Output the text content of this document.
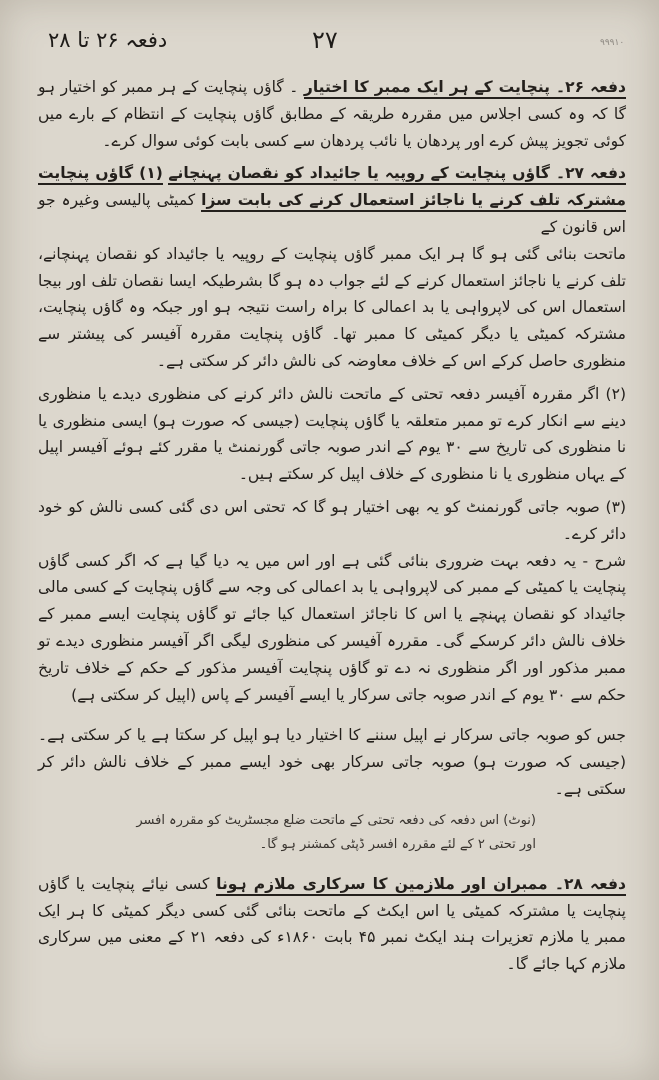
دفعہ ۲۶ تا ۲۸	۲۷	۹۹۹۱۰

دفعہ ۲۶۔ پنچایت کے ہر ایک ممبر کا اختیار ۔ گاؤں پنچایت کے ہر ممبر کو اختیار ہو گا کہ وہ کسی اجلاس میں مقررہ طریقہ کے مطابق گاؤں پنچایت کے انتظام کے بارے میں کوئی تجویز پیش کرے اور پردھان یا نائب پردھان سے کسی بابت کوئی سوال کرے۔

دفعہ ۲۷۔ گاؤں پنچایت کے روپیہ یا جائیداد کو نقصان پہنچانے (۱) گاؤں پنچایت مشترکہ تلف کرنے یا ناجائز استعمال کرنے کی بابت سزا کمیٹی پالیسی وغیرہ جو اس قانون کے

ماتحت بنائی گئی ہو گا ہر ایک ممبر گاؤں پنچایت کے روپیہ یا جائیداد کو نقصان پہنچانے، تلف کرنے یا ناجائز استعمال کرنے کے لئے جواب دہ ہو گا بشرطیکہ ایسا نقصان تلف اور بیجا استعمال اس کی لاپرواہی یا بد اعمالی کا براہ راست نتیجہ ہو اور جبکہ وہ گاؤں پنچایت، مشترکہ کمیٹی یا دیگر کمیٹی کا ممبر تھا۔ گاؤں پنچایت مقررہ آفیسر کی پیشتر سے منظوری حاصل کرکے اس کے خلاف معاوضہ کی نالش دائر کر سکتی ہے۔

(۲) اگر مقررہ آفیسر دفعہ تحتی کے ماتحت نالش دائر کرنے کی منظوری دیدے یا منظوری دینے سے انکار کرے تو ممبر متعلقہ یا گاؤں پنچایت (جیسی کہ صورت ہو) ایسی منظوری یا نا منظوری کی تاریخ سے ۳۰ یوم کے اندر صوبہ جاتی گورنمنٹ یا مقرر کئے ہوئے آفیسر اپیل کے یہاں منظوری یا نا منظوری کے خلاف اپیل کر سکتے ہیں۔

(۳) صوبہ جاتی گورنمنٹ کو یہ بھی اختیار ہو گا کہ تحتی اس دی گئی کسی نالش کو خود دائر کرے۔

شرح - یہ دفعہ بہت ضروری بنائی گئی ہے اور اس میں یہ دیا گیا ہے کہ اگر کسی گاؤں پنچایت یا کمیٹی کے ممبر کی لاپرواہی یا بد اعمالی کی وجہ سے گاؤں پنچایت کے کسی مالی جائیداد کو نقصان پہنچے یا اس کا ناجائز استعمال کیا جائے تو گاؤں پنچایت ایسے ممبر کے خلاف نالش دائر کرسکے گی۔ مقررہ آفیسر کی منظوری لیگی اگر آفیسر منظوری دیدے تو ممبر مذکور اور اگر منظوری نہ دے تو گاؤں پنچایت آفیسر مذکور کے حکم کے خلاف تاریخ حکم سے ۳۰ یوم کے اندر صوبہ جاتی سرکار یا ایسے آفیسر کے پاس (اپیل کر سکتی ہے)

جس کو صوبہ جاتی سرکار نے اپیل سننے کا اختیار دیا ہو اپیل کر سکتا ہے یا کر سکتی ہے۔ (جیسی کہ صورت ہو) صوبہ جاتی سرکار بھی خود ایسے ممبر کے خلاف نالش دائر کر سکتی ہے۔

(نوٹ) اس دفعہ کی دفعہ تحتی کے ماتحت ضلع مجسٹریٹ کو مقررہ افسر
اور تحتی ۲ کے لئے مقررہ افسر ڈپٹی کمشنر ہو گا۔

دفعہ ۲۸۔ ممبران اور ملازمین کا سرکاری ملازم ہونا کسی نیائے پنچایت یا گاؤں پنچایت یا مشترکہ کمیٹی یا اس ایکٹ کے ماتحت بنائی گئی کسی دیگر کمیٹی کا ہر ایک ممبر یا ملازم تعزیرات ہند ایکٹ نمبر ۴۵ بابت ۱۸۶۰ء کی دفعہ ۲۱ کے معنی میں سرکاری ملازم کہا جائے گا۔
